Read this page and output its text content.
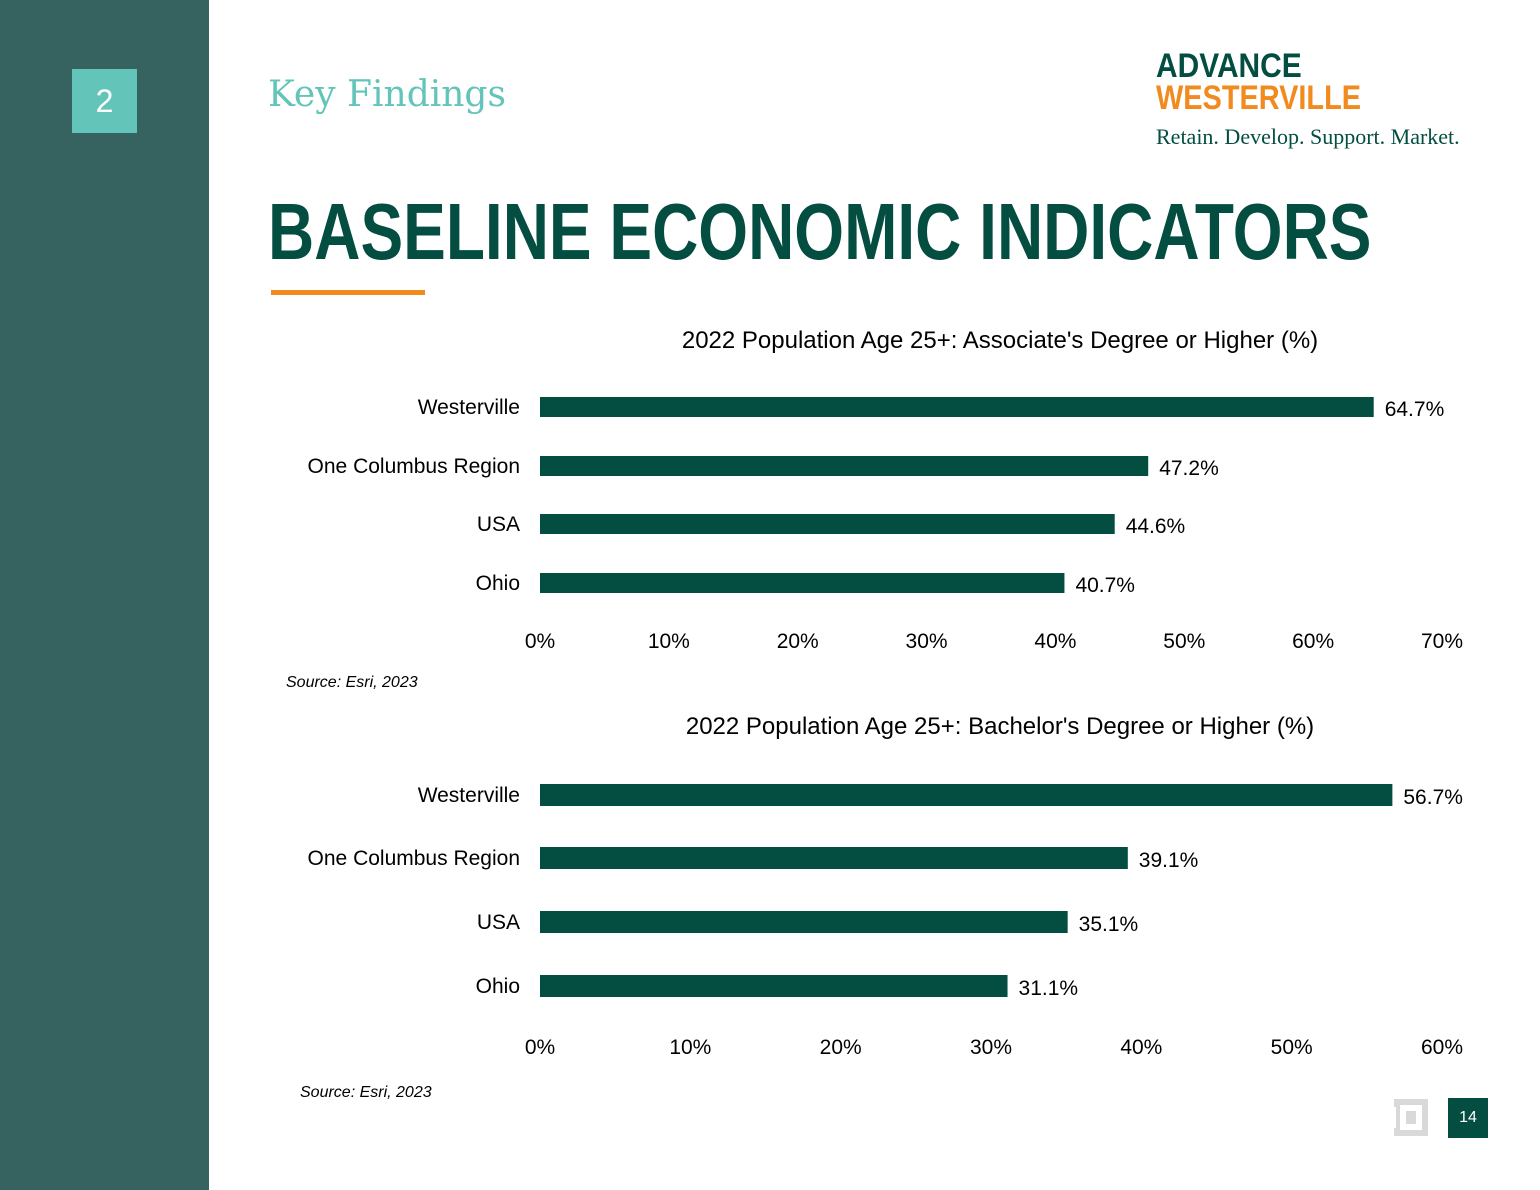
2	Key Findings
ADVANCE
WESTERVILLE
Retain. Develop. Support. Market.
BASELINE ECONOMIC INDICATORS
2022 Population Age 25+: Associate's Degree or Higher (%)
Westerville	64.7%
One Columbus Region	47.2%
USA	44.6%
Ohio	40.7%
0%	10%	20%	30%	40%	50%	60%	70%
Source: Esri, 2023
2022 Population Age 25+: Bachelor's Degree or Higher (%)
Westerville	56.7%
One Columbus Region	39.1%
USA	35.1%
Ohio	31.1%
0%	10%	20%	30%	40%	50%	60%
Source: Esri, 2023
14
